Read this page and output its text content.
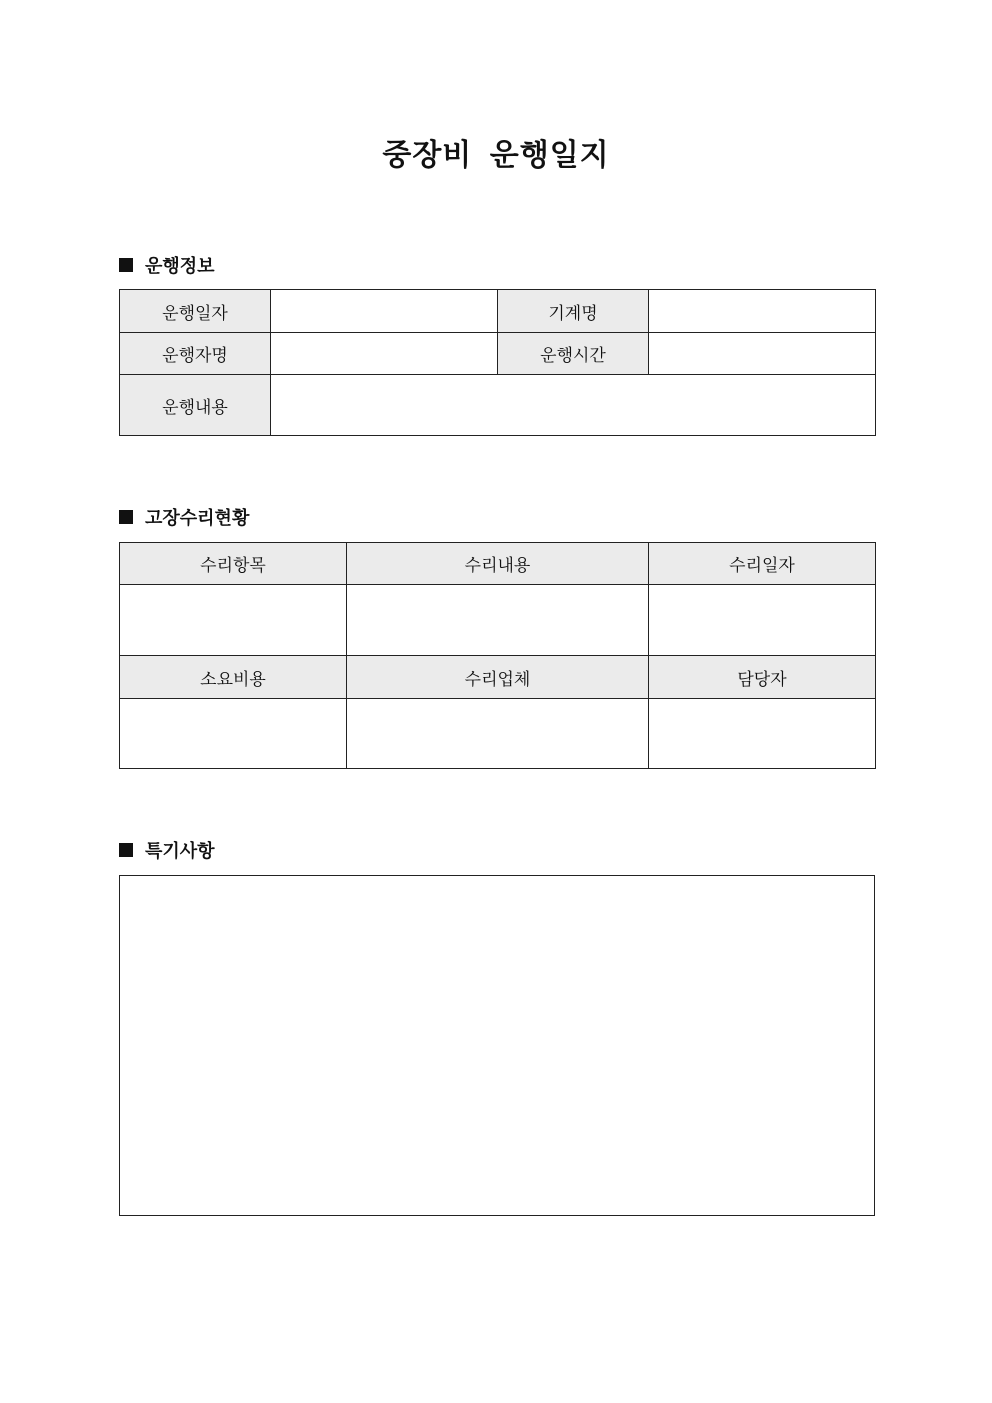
중장비 운행일지
운행정보
운행일자		기계명	
운행자명		운행시간	
운행내용			
고장수리현황
수리항목	수리내용	수리일자

소요비용	수리업체	담당자

특기사항
